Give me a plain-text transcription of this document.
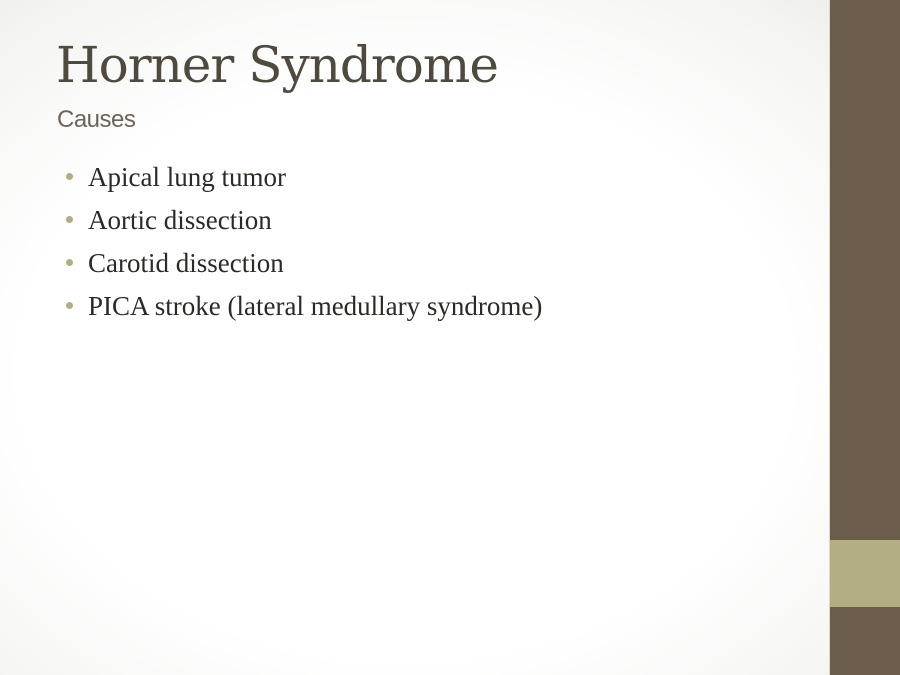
Horner Syndrome
Causes
Apical lung tumor
Aortic dissection
Carotid dissection
PICA stroke (lateral medullary syndrome)
